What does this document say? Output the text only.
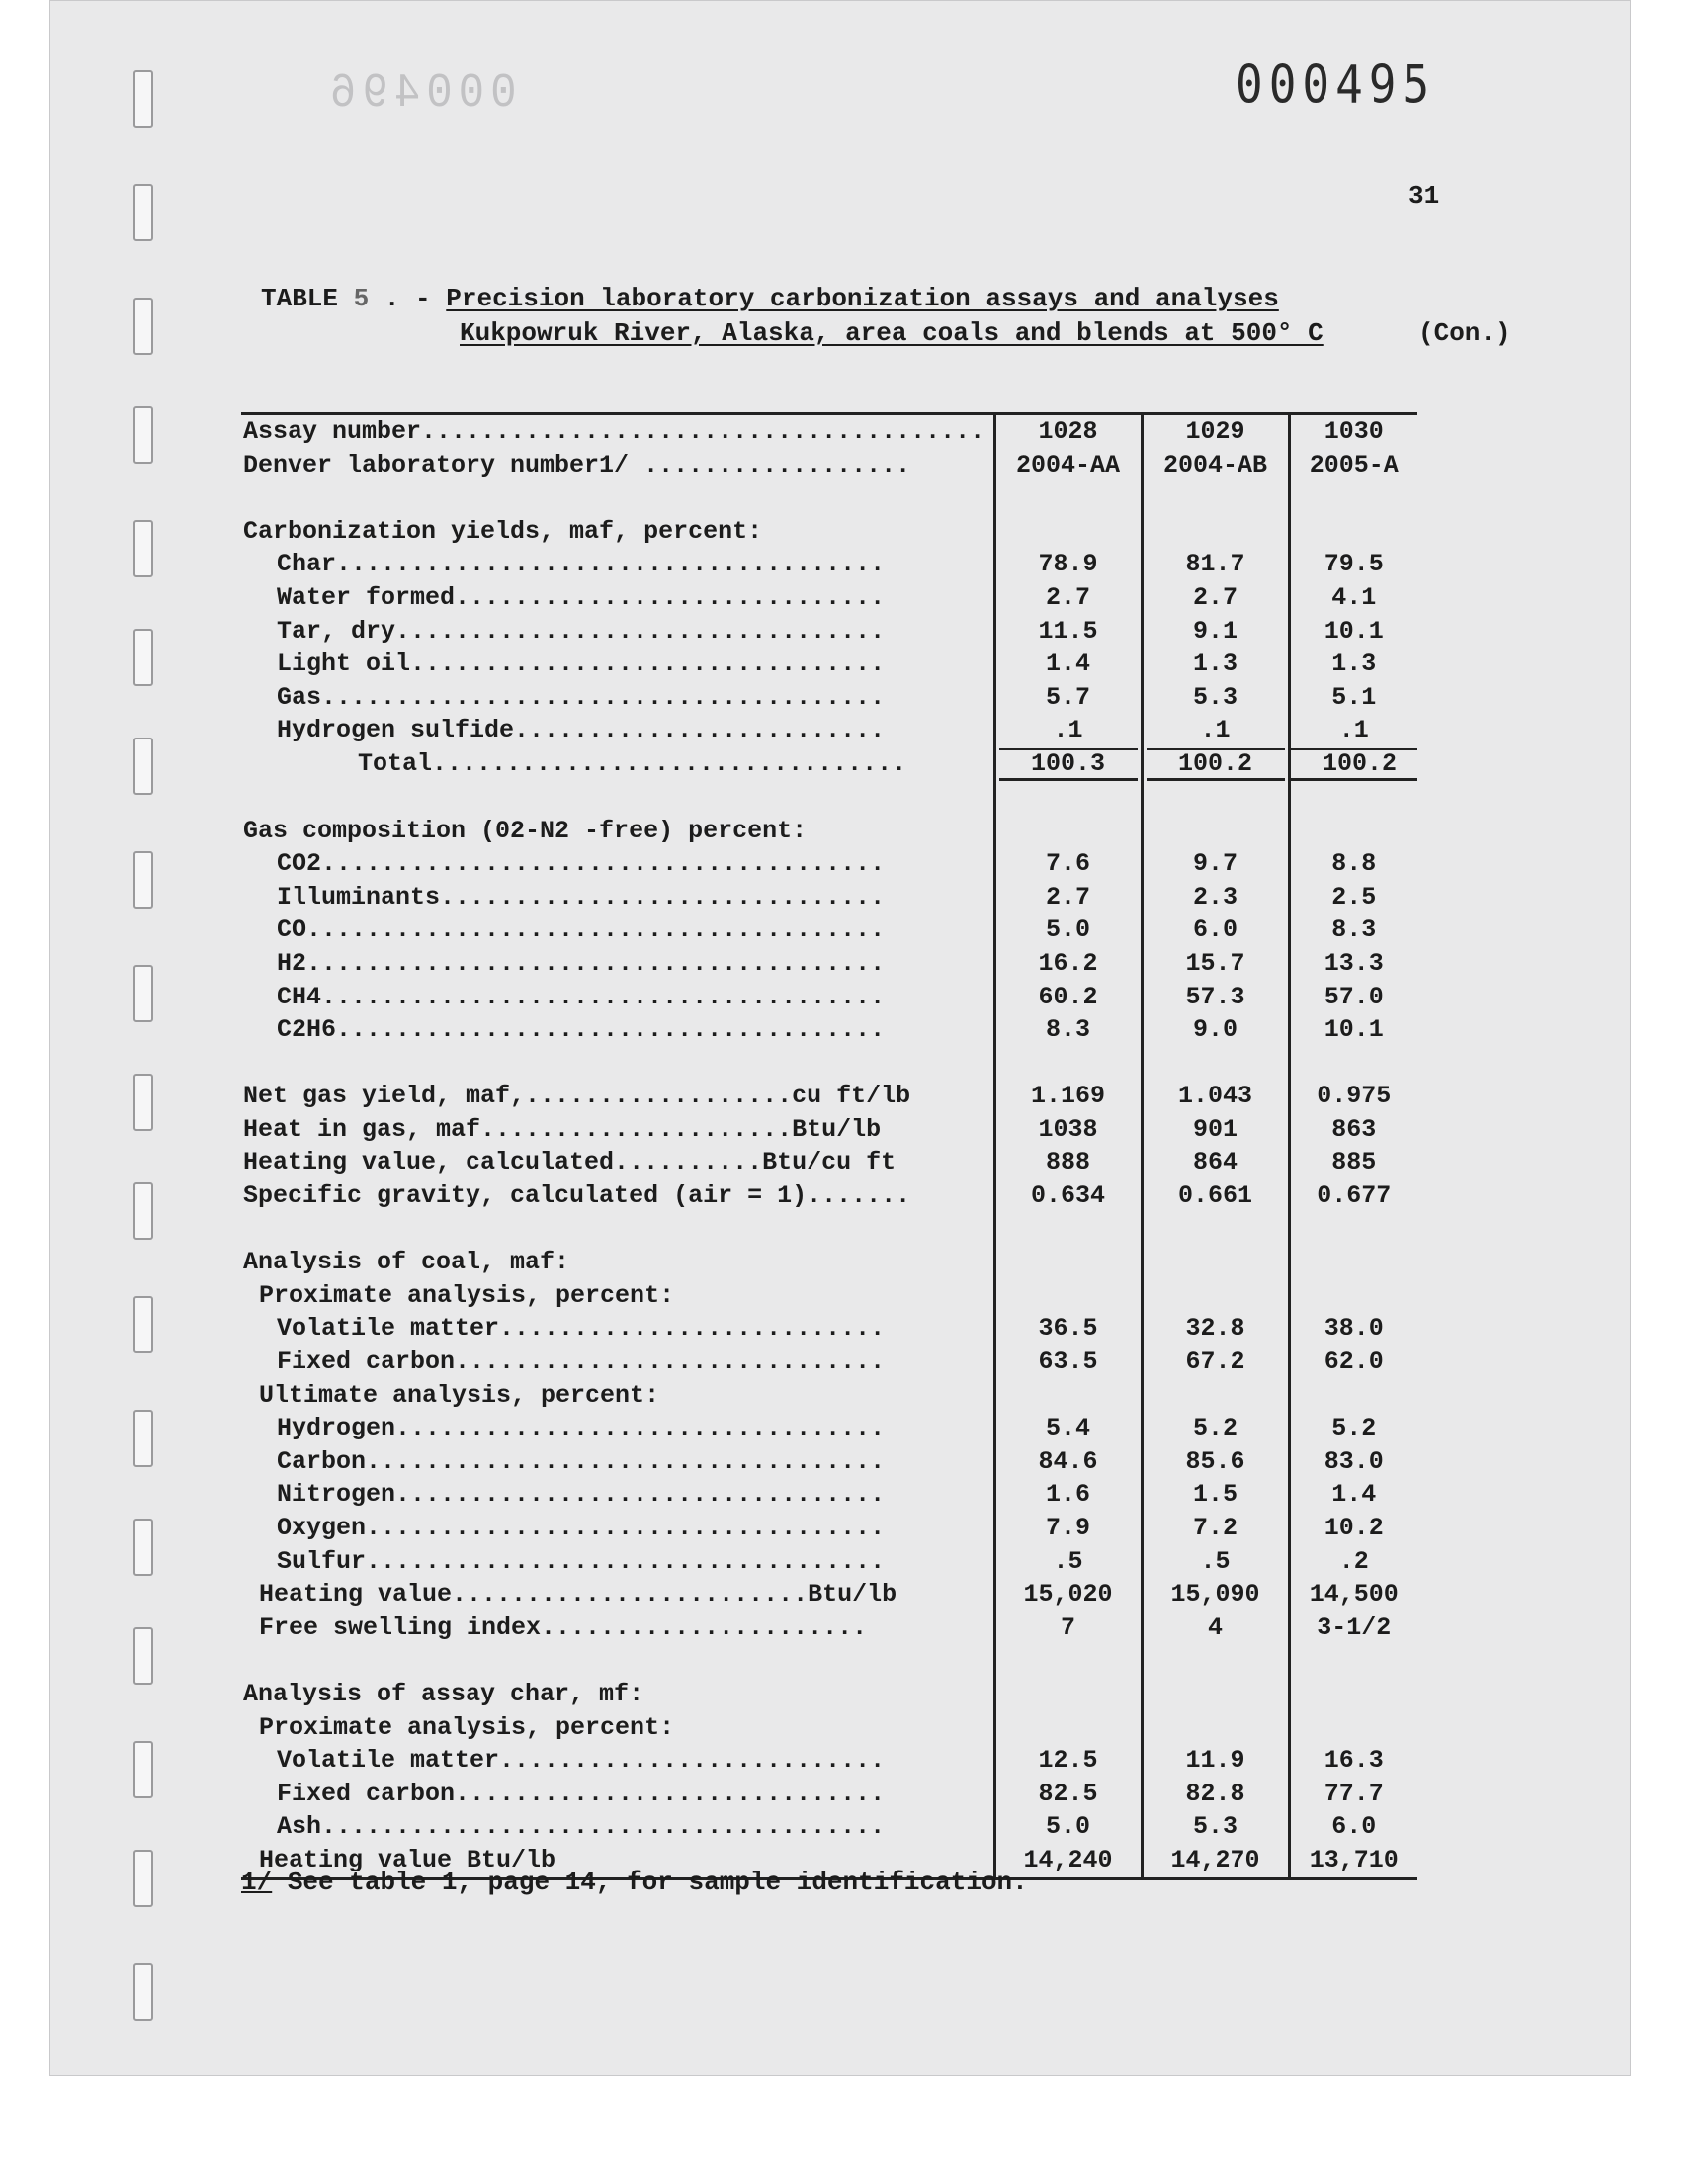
000496	000495
31
TABLE 5 . - Precision laboratory carbonization assays and analyses
Kukpowruk River, Alaska, area coals and blends at 500° C	(Con.)
Assay number......................................	1028	1029	1030
Denver laboratory number1/ ..................	2004-AA	2004-AB	2005-A

Carbonization yields, maf, percent:			
Char.....................................	78.9	81.7	79.5
Water formed.............................	2.7	2.7	4.1
Tar, dry.................................	11.5	9.1	10.1
Light oil................................	1.4	1.3	1.3
Gas......................................	5.7	5.3	5.1
Hydrogen sulfide.........................	.1	.1	.1
Total................................	100.3	100.2	100.2

Gas composition (02-N2 -free) percent:			
CO2......................................	7.6	9.7	8.8
Illuminants..............................	2.7	2.3	2.5
CO.......................................	5.0	6.0	8.3
H2.......................................	16.2	15.7	13.3
CH4......................................	60.2	57.3	57.0
C2H6.....................................	8.3	9.0	10.1

Net gas yield, maf,..................cu ft/lb	1.169	1.043	0.975
Heat in gas, maf.....................Btu/lb	1038	901	863
Heating value, calculated..........Btu/cu ft	888	864	885
Specific gravity, calculated (air = 1).......	0.634	0.661	0.677

Analysis of coal, maf:			
Proximate analysis, percent:			
Volatile matter..........................	36.5	32.8	38.0
Fixed carbon.............................	63.5	67.2	62.0
Ultimate analysis, percent:			
Hydrogen.................................	5.4	5.2	5.2
Carbon...................................	84.6	85.6	83.0
Nitrogen.................................	1.6	1.5	1.4
Oxygen...................................	7.9	7.2	10.2
Sulfur...................................	.5	.5	.2
Heating value........................Btu/lb	15,020	15,090	14,500
Free swelling index......................	7	4	3-1/2

Analysis of assay char, mf:			
Proximate analysis, percent:			
Volatile matter..........................	12.5	11.9	16.3
Fixed carbon.............................	82.5	82.8	77.7
Ash......................................	5.0	5.3	6.0
Heating value Btu/lb	14,240	14,270	13,710
1/ See table 1, page 14, for sample identification.
